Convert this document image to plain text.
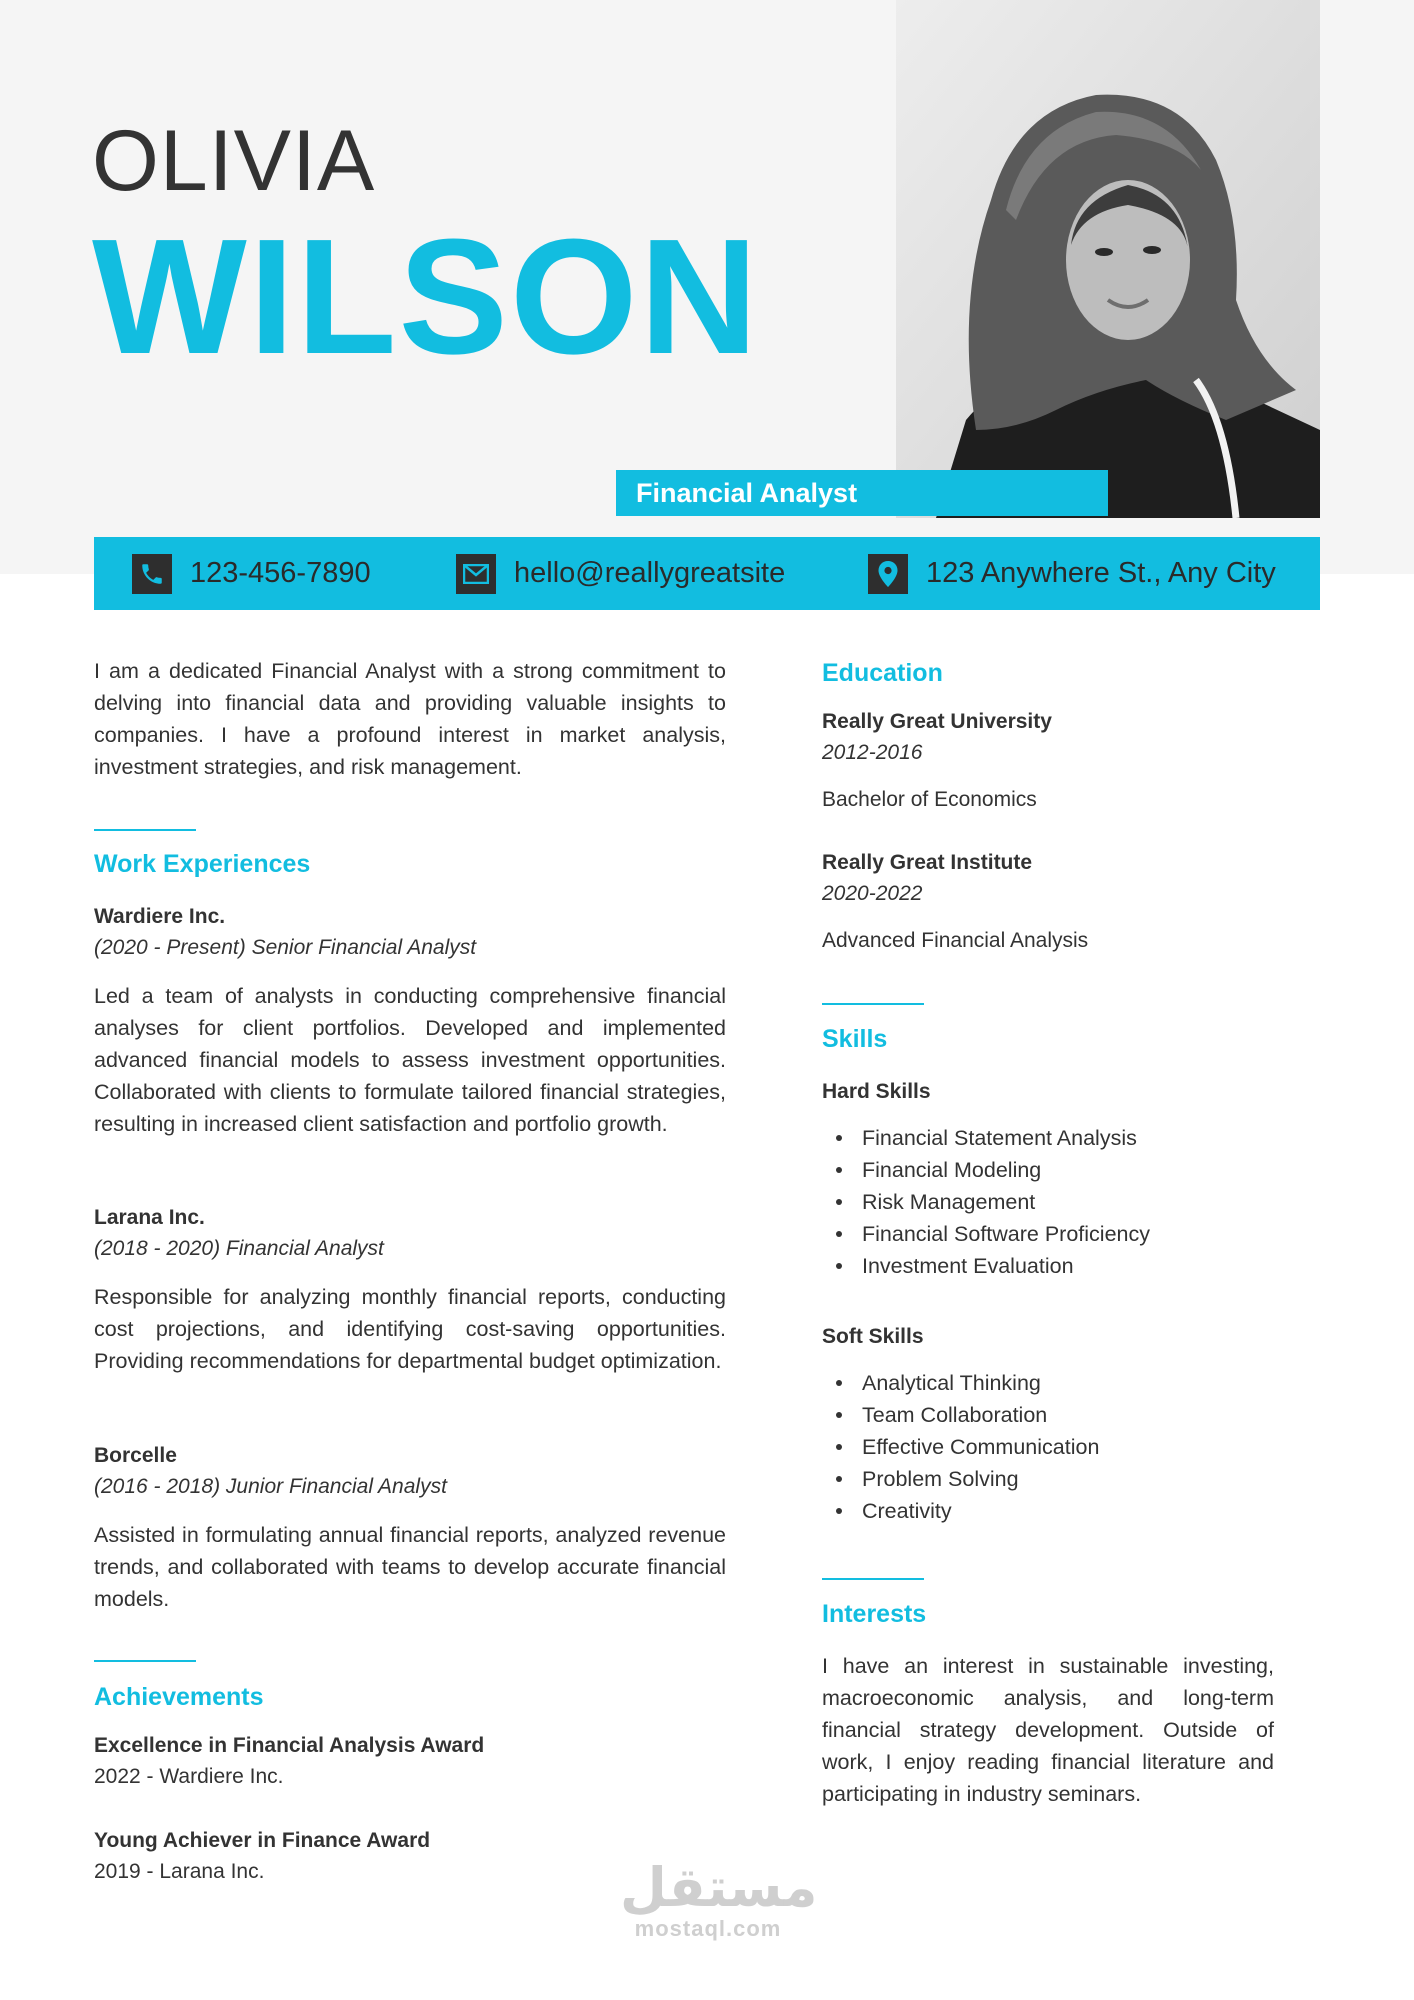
OLIVIA
WILSON
Financial Analyst
123-456-7890	hello@reallygreatsite	123 Anywhere St., Any City

I am a dedicated Financial Analyst with a strong commitment to delving into financial data and providing valuable insights to companies. I have a profound interest in market analysis, investment strategies, and risk management.

Work Experiences
Wardiere Inc.
(2020 - Present) Senior Financial Analyst

Led a team of analysts in conducting comprehensive financial analyses for client portfolios. Developed and implemented advanced financial models to assess investment opportunities. Collaborated with clients to formulate tailored financial strategies, resulting in increased client satisfaction and portfolio growth.

Larana Inc.
(2018 - 2020) Financial Analyst

Responsible for analyzing monthly financial reports, conducting cost projections, and identifying cost-saving opportunities. Providing recommendations for departmental budget optimization.

Borcelle
(2016 - 2018) Junior Financial Analyst

Assisted in formulating annual financial reports, analyzed revenue trends, and collaborated with teams to develop accurate financial models.

Achievements
Excellence in Financial Analysis Award
2022 - Wardiere Inc.
Young Achiever in Finance Award
2019 - Larana Inc.
Education
Really Great University
2012-2016
Bachelor of Economics
Really Great Institute
2020-2022
Advanced Financial Analysis
Skills
Hard Skills
Financial Statement Analysis
Financial Modeling
Risk Management
Financial Software Proficiency
Investment Evaluation
Soft Skills
Analytical Thinking
Team Collaboration
Effective Communication
Problem Solving
Creativity
Interests

I have an interest in sustainable investing, macroeconomic analysis, and long-term financial strategy development. Outside of work, I enjoy reading financial literature and participating in industry seminars.

مستقل
mostaql.com
